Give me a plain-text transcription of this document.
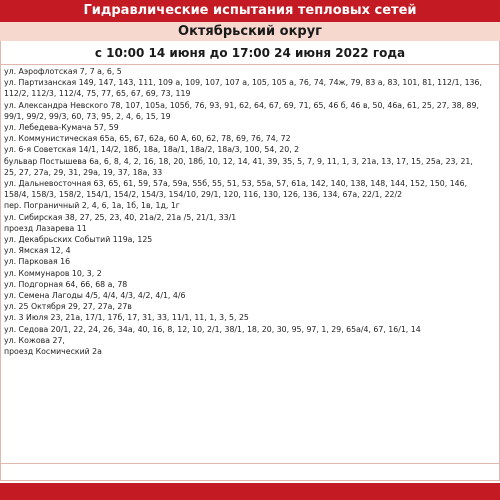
Гидравлические испытания тепловых сетей
Октябрьский округ
с 10:00 14 июня до 17:00 24 июня 2022 года
ул. Аэрофлотская 7, 7 а, 6, 5
ул. Партизанская 149, 147, 143, 111, 109 а, 109, 107, 107 а, 105, 105 а, 76, 74, 74ж, 79, 83 а, 83, 101, 81, 112/1, 136,
112/2, 112/3, 112/4, 75, 77, 65, 67, 69, 73, 119
ул. Александра Невского 78, 107, 105а, 105б, 76, 93, 91, 62, 64, 67, 69, 71, 65, 46 б, 46 в, 50, 46а, 61, 25, 27, 38, 89,
99/1, 99/2, 99/3, 60, 73, 95, 2, 4, 6, 15, 19
ул. Лебедева-Кумача 57, 59
ул. Коммунистическая 65а, 65, 67, 62а, 60 А, 60, 62, 78, 69, 76, 74, 72
ул. 6-я Советская 14/1, 14/2, 18б, 18а, 18а/1, 18а/2, 18а/3, 100, 54, 20, 2
бульвар Постышева 6а, 6, 8, 4, 2, 16, 18, 20, 18б, 10, 12, 14, 41, 39, 35, 5, 7, 9, 11, 1, 3, 21а, 13, 17, 15, 25а, 23, 21,
25, 27, 27а, 29, 31, 29а, 19, 37, 18а, 33
ул. Дальневосточная 63, 65, 61, 59, 57а, 59а, 55б, 55, 51, 53, 55а, 57, 61а, 142, 140, 138, 148, 144, 152, 150, 146,
158/4, 158/3, 158/2, 154/1, 154/2, 154/3, 154/10, 29/1, 120, 116, 130, 126, 136, 134, 67а, 22/1, 22/2
пер. Пограничный 2, 4, 6, 1а, 1б, 1в, 1д, 1г
ул. Сибирская 38, 27, 25, 23, 40, 21а/2, 21а /5, 21/1, 33/1
проезд Лазарева 11
ул. Декабрьских Событий 119а, 125
ул. Ямская 12, 4
ул. Парковая 16
ул. Коммунаров 10, 3, 2
ул. Подгорная 64, 66, 68 а, 78
ул. Семена Лагоды 4/5, 4/4, 4/3, 4/2, 4/1, 4/6
ул. 25 Октября 29, 27, 27а, 27в
ул. 3 Июля 23, 21а, 17/1, 17б, 17, 31, 33, 11/1, 11, 1, 3, 5, 25
ул. Седова 20/1, 22, 24, 26, 34а, 40, 16, 8, 12, 10, 2/1, 38/1, 18, 20, 30, 95, 97, 1, 29, 65а/4, 67, 16/1, 14
ул. Кожова 27,
проезд Космический 2а
